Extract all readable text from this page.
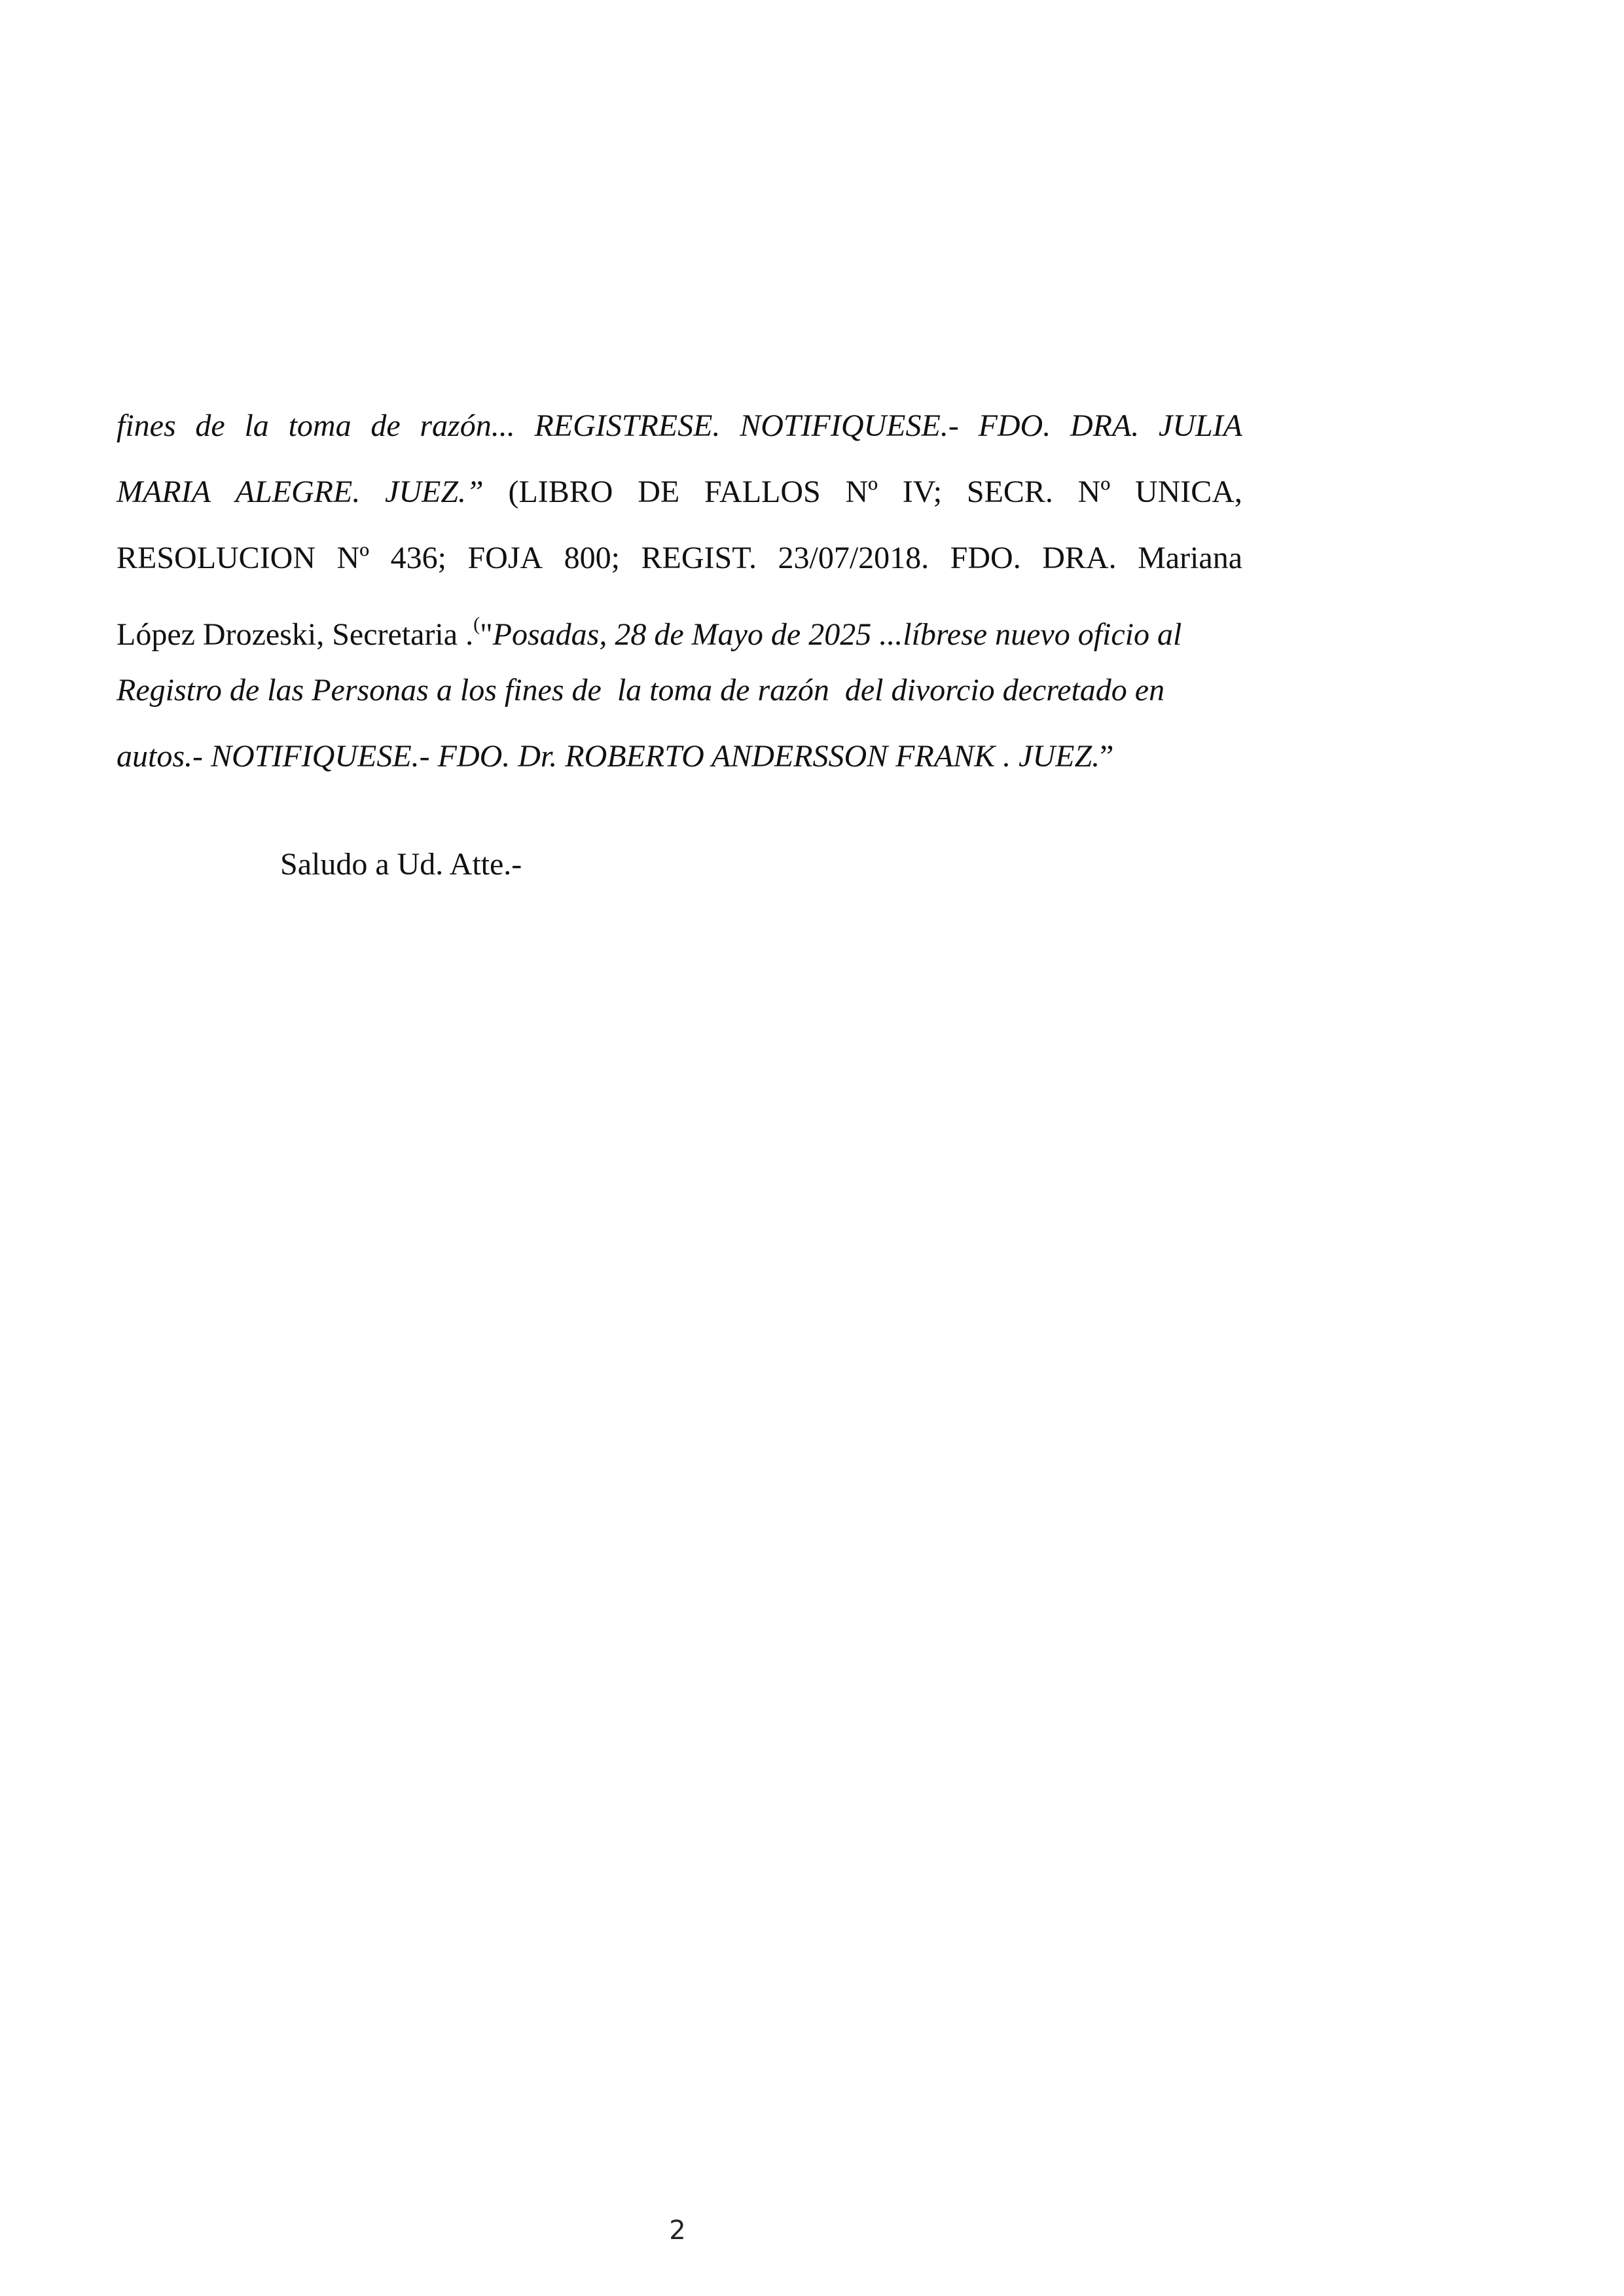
fines de la toma de razón... REGISTRESE. NOTIFIQUESE.- FDO. DRA. JULIA
MARIA ALEGRE. JUEZ.” (LIBRO DE FALLOS Nº IV; SECR. Nº UNICA,
RESOLUCION Nº 436; FOJA 800; REGIST. 23/07/2018. FDO. DRA. Mariana
López Drozeski, Secretaria .("Posadas, 28 de Mayo de 2025 ...líbrese nuevo oficio al
Registro de las Personas a los fines de  la toma de razón  del divorcio decretado en
autos.- NOTIFIQUESE.- FDO. Dr. ROBERTO ANDERSSON FRANK . JUEZ.”
Saludo a Ud. Atte.-
2
